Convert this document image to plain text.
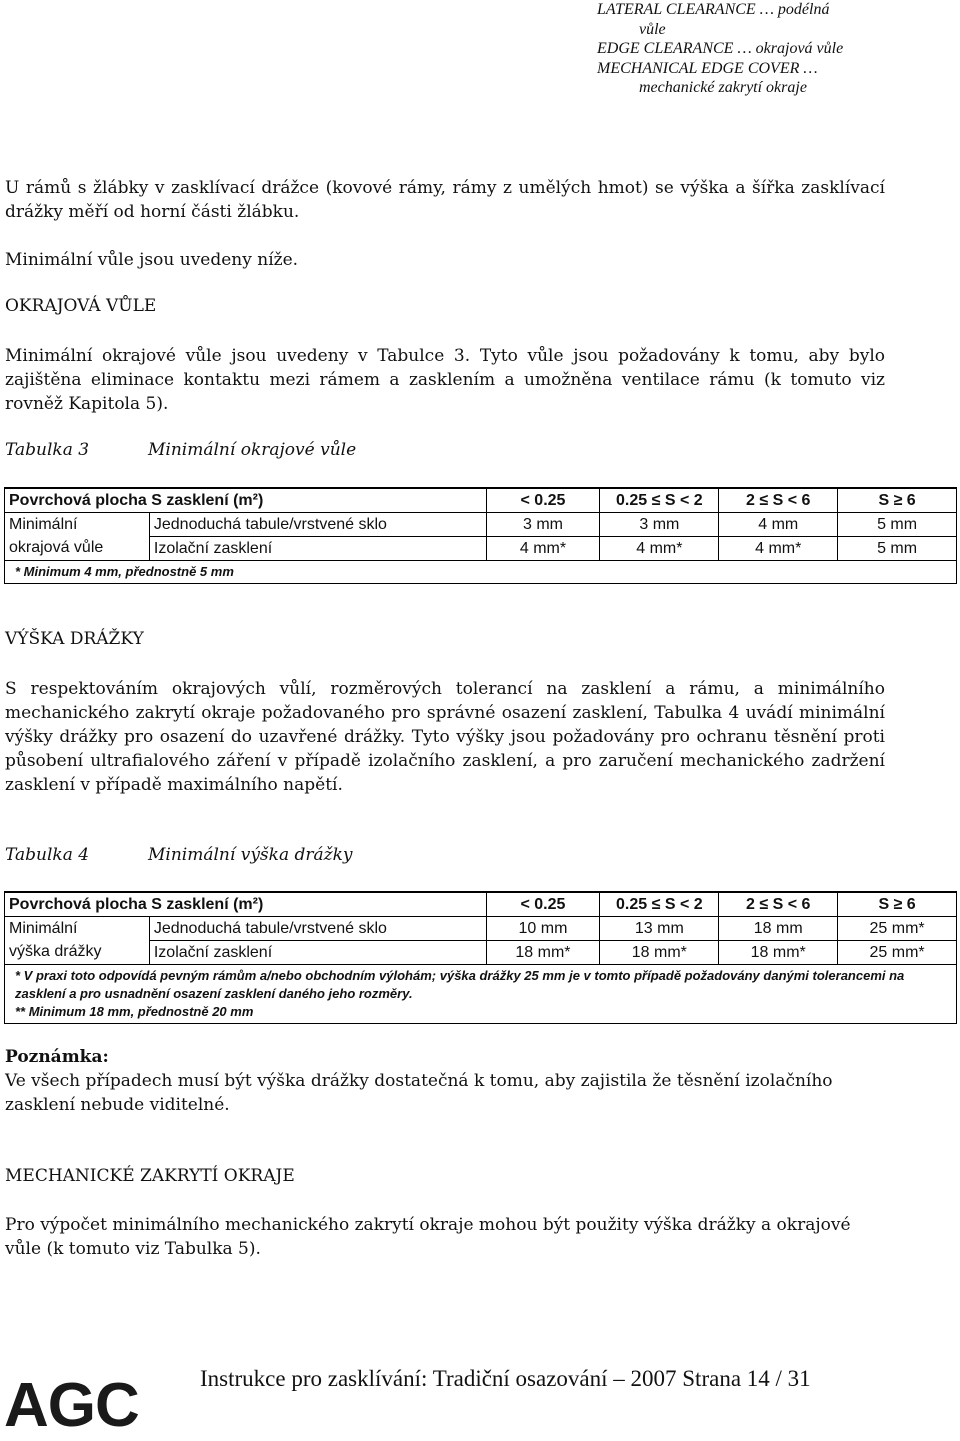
LATERAL CLEARANCE … podélná
vůle
EDGE CLEARANCE … okrajová vůle
MECHANICAL EDGE COVER …
mechanické zakrytí okraje
U rámů s žlábky v zasklívací drážce (kovové rámy, rámy z umělých hmot) se výška a šířka zasklívací drážky měří od horní části žlábku.
Minimální vůle jsou uvedeny níže.
OKRAJOVÁ VŮLE
Minimální okrajové vůle jsou uvedeny v Tabulce 3. Tyto vůle jsou požadovány k tomu, aby bylo zajištěna eliminace kontaktu mezi rámem a zasklením a umožněna ventilace rámu (k tomuto viz rovněž Kapitola 5).
Tabulka 3	Minimální okrajové vůle
Povrchová plocha S zasklení (m²)		< 0.25	0.25 ≤ S < 2	2 ≤ S < 6	S ≥ 6
Minimální	Jednoduchá tabule/vrstvené sklo	3 mm	3 mm	4 mm	5 mm
okrajová vůle	Izolační zasklení	4 mm*	4 mm*	4 mm*	5 mm
* Minimum 4 mm, přednostně 5 mm					
VÝŠKA DRÁŽKY
S respektováním okrajových vůlí, rozměrových tolerancí na zasklení a rámu, a minimálního mechanického zakrytí okraje požadovaného pro správné osazení zasklení, Tabulka 4 uvádí minimální výšky drážky pro osazení do uzavřené drážky. Tyto výšky jsou požadovány pro ochranu těsnění proti působení ultrafialového záření v případě izolačního zasklení, a pro zaručení mechanického zadržení zasklení v případě maximálního napětí.
Tabulka 4	Minimální výška drážky
Povrchová plocha S zasklení (m²)		< 0.25	0.25 ≤ S < 2	2 ≤ S < 6	S ≥ 6
Minimální	Jednoduchá tabule/vrstvené sklo	10 mm	13 mm	18 mm	25 mm*
výška drážky	Izolační zasklení	18 mm*	18 mm*	18 mm*	25 mm*

* V praxi toto odpovídá pevným rámům a/nebo obchodním výlohám; výška drážky 25 mm je v tomto případě požadovány danými tolerancemi na zasklení a pro usnadnění osazení zasklení daného jeho rozměry.
** Minimum 18 mm, přednostně 20 mm					
Poznámka:
Ve všech případech musí být výška drážky dostatečná k tomu, aby zajistila že těsnění izolačního zasklení nebude viditelné.
MECHANICKÉ ZAKRYTÍ OKRAJE
Pro výpočet minimálního mechanického zakrytí okraje mohou být použity výška drážky a okrajové vůle (k tomuto viz Tabulka 5).
AGC	Instrukce pro zasklívání: Tradiční osazování – 2007 Strana 14 / 31
